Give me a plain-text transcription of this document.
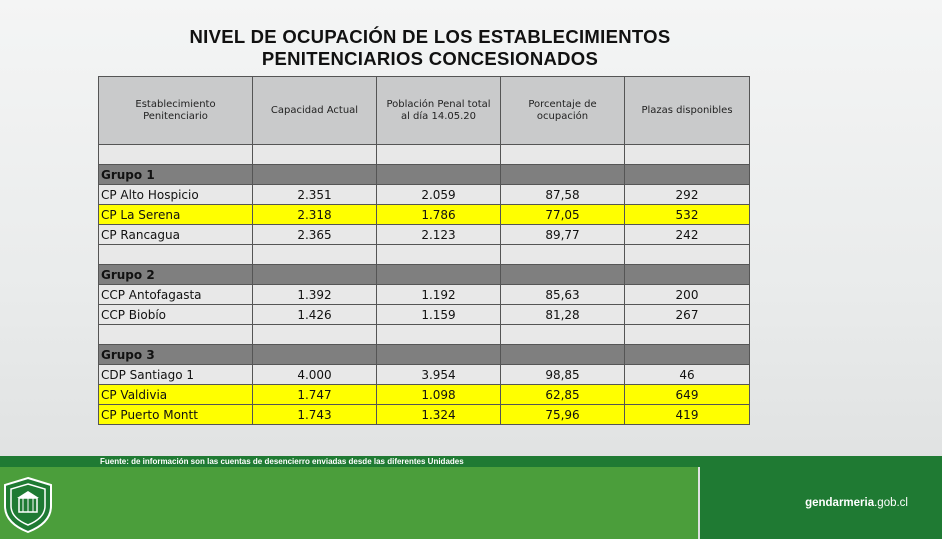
NIVEL DE OCUPACIÓN DE LOS ESTABLECIMIENTOS
PENITENCIARIOS CONCESIONADOS
Establecimiento Penitenciario	Capacidad Actual	Población Penal total al día 14.05.20	Porcentaje de ocupación	Plazas disponibles

Grupo 1				
CP Alto Hospicio	2.351	2.059	87,58	292
CP La Serena	2.318	1.786	77,05	532
CP Rancagua	2.365	2.123	89,77	242

Grupo 2				
CCP Antofagasta	1.392	1.192	85,63	200
CCP Biobío	1.426	1.159	81,28	267

Grupo 3				
CDP Santiago 1	4.000	3.954	98,85	46
CP Valdivia	1.747	1.098	62,85	649
CP Puerto Montt	1.743	1.324	75,96	419
Fuente: de información son las cuentas de desencierro enviadas desde las diferentes Unidades
gendarmeria.gob.cl
